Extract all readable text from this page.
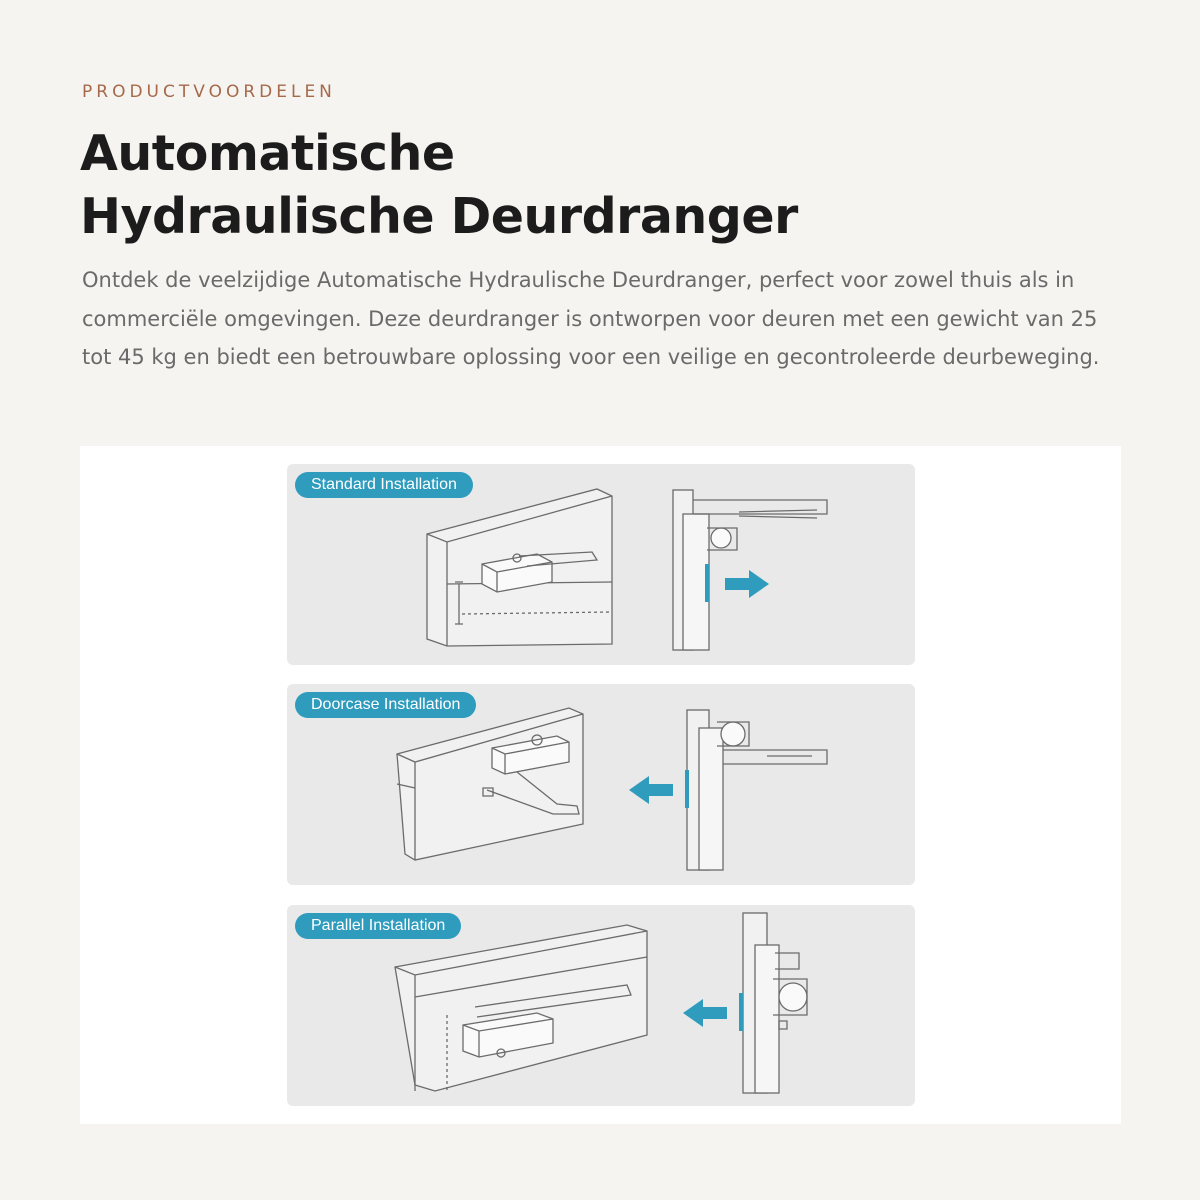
PRODUCTVOORDELEN
Automatische
Hydraulische Deurdranger

Ontdek de veelzijdige Automatische Hydraulische Deurdranger, perfect voor zowel thuis als in commerciële omgevingen. Deze deurdranger is ontworpen voor deuren met een gewicht van 25 tot 45 kg en biedt een betrouwbare oplossing voor een veilige en gecontroleerde deurbeweging.

Standard Installation
Doorcase Installation
Parallel Installation
